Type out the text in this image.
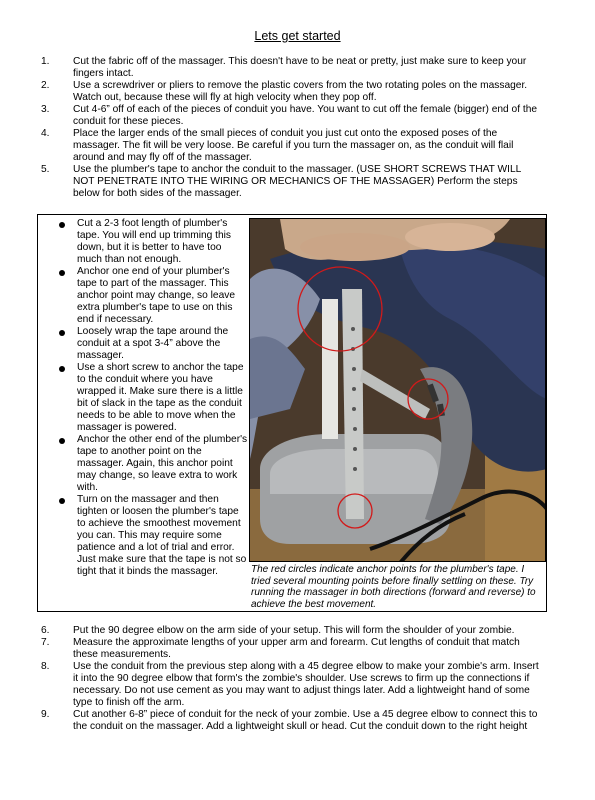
Lets get started
1.	Cut the fabric off of the massager. This doesn't have to be neat or pretty, just make sure to keep your fingers intact.
2.	Use a screwdriver or pliers to remove the plastic covers from the two rotating poles on the massager. Watch out, because these will fly at high velocity when they pop off.
3.	Cut 4-6” off of each of the pieces of conduit you have. You want to cut off the female (bigger) end of the conduit for these pieces.
4.	Place the larger ends of the small pieces of conduit you just cut onto the exposed poses of the massager. The fit will be very loose. Be careful if you turn the massager on, as the conduit will flail around and may fly off of the massager.
5.	Use the plumber's tape to anchor the conduit to the massager. (USE SHORT SCREWS THAT WILL NOT PENETRATE INTO THE WIRING OR MECHANICS OF THE MASSAGER) Perform the steps below for both sides of the massager.
Cut a 2-3 foot length of plumber's tape. You will end up trimming this down, but it is better to have too much than not enough.
Anchor one end of your plumber's tape to part of the massager. This anchor point may change, so leave extra plumber's tape to use on this end if necessary.
Loosely wrap the tape around the conduit at a spot 3-4” above the massager.
Use a short screw to anchor the tape to the conduit where you have wrapped it. Make sure there is a little bit of slack in the tape as the conduit needs to be able to move when the massager is powered.
Anchor the other end of the plumber's tape to another point on the massager. Again, this anchor point may change, so leave extra to work with.
Turn on the massager and then tighten or loosen the plumber's tape to achieve the smoothest movement you can. This may require some patience and a lot of trial and error. Just make sure that the tape is not so tight that it binds the massager.	The red circles indicate anchor points for the plumber's tape. I tried several mounting points before finally settling on these. Try running the massager in both directions (forward and reverse) to achieve the best movement.
6.	Put the 90 degree elbow on the arm side of your setup. This will form the shoulder of your zombie.
7.	Measure the approximate lengths of your upper arm and forearm. Cut lengths of conduit that match these measurements.
8.	Use the conduit from the previous step along with a 45 degree elbow to make your zombie's arm. Insert it into the 90 degree elbow that form's the zombie's shoulder. Use screws to firm up the connections if necessary. Do not use cement as you may want to adjust things later. Add a lightweight hand of some type to finish off the arm.
9.	Cut another 6-8” piece of conduit for the neck of your zombie. Use a 45 degree elbow to connect this to the conduit on the massager. Add a lightweight skull or head. Cut the conduit down to the right height
